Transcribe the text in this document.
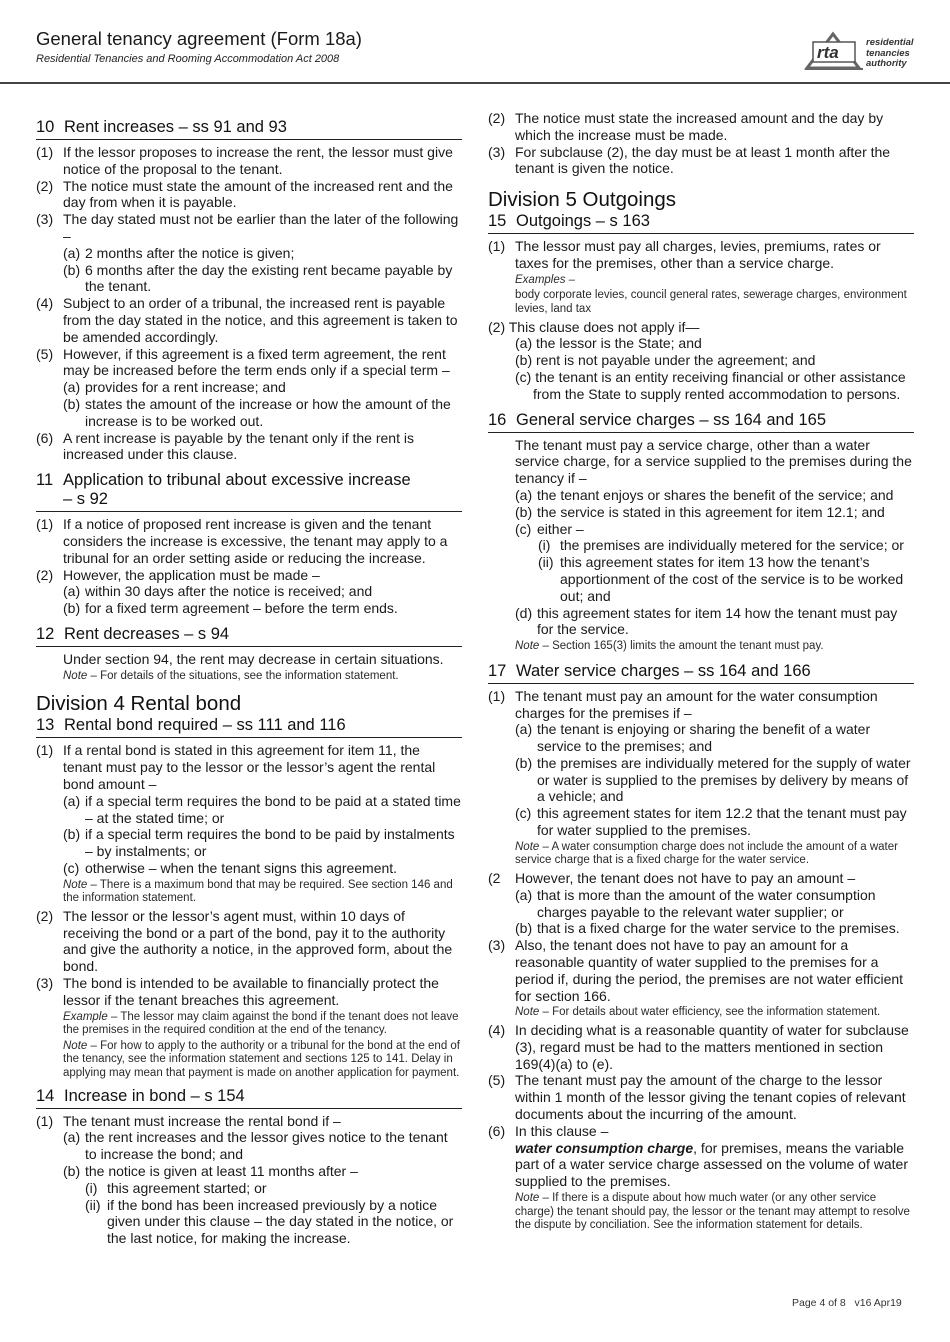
General tenancy agreement (Form 18a)
Residential Tenancies and Rooming Accommodation Act 2008	rta
residential
tenancies
authority
10 Rent increases – ss 91 and 93
(1) If the lessor proposes to increase the rent, the lessor must give notice of the proposal to the tenant.
(2) The notice must state the amount of the increased rent and the day from when it is payable.
(3) The day stated must not be earlier than the later of the following –
(a) 2 months after the notice is given;
(b) 6 months after the day the existing rent became payable by the tenant.
(4) Subject to an order of a tribunal, the increased rent is payable from the day stated in the notice, and this agreement is taken to be amended accordingly.
(5) However, if this agreement is a fixed term agreement, the rent may be increased before the term ends only if a special term –
(a) provides for a rent increase; and
(b) states the amount of the increase or how the amount of the increase is to be worked out.
(6) A rent increase is payable by the tenant only if the rent is increased under this clause.
11 Application to tribunal about excessive increase
– s 92
(1) If a notice of proposed rent increase is given and the tenant considers the increase is excessive, the tenant may apply to a tribunal for an order setting aside or reducing the increase.
(2) However, the application must be made –
(a) within 30 days after the notice is received; and
(b) for a fixed term agreement – before the term ends.
12 Rent decreases – s 94
Under section 94, the rent may decrease in certain situations.
Note – For details of the situations, see the information statement.
Division 4 Rental bond
13 Rental bond required – ss 111 and 116
(1) If a rental bond is stated in this agreement for item 11, the tenant must pay to the lessor or the lessor’s agent the rental bond amount –
(a) if a special term requires the bond to be paid at a stated time – at the stated time; or
(b) if a special term requires the bond to be paid by instalments – by instalments; or
(c) otherwise – when the tenant signs this agreement.
Note – There is a maximum bond that may be required. See section 146 and the information statement.
(2) The lessor or the lessor’s agent must, within 10 days of receiving the bond or a part of the bond, pay it to the authority and give the authority a notice, in the approved form, about the bond.
(3) The bond is intended to be available to financially protect the lessor if the tenant breaches this agreement.
Example – The lessor may claim against the bond if the tenant does not leave the premises in the required condition at the end of the tenancy.
Note – For how to apply to the authority or a tribunal for the bond at the end of the tenancy, see the information statement and sections 125 to 141. Delay in applying may mean that payment is made on another application for payment.
14 Increase in bond – s 154
(1) The tenant must increase the rental bond if –
(a) the rent increases and the lessor gives notice to the tenant to increase the bond; and
(b) the notice is given at least 11 months after –
(i) this agreement started; or
(ii) if the bond has been increased previously by a notice given under this clause – the day stated in the notice, or the last notice, for making the increase.
(2) The notice must state the increased amount and the day by which the increase must be made.
(3) For subclause (2), the day must be at least 1 month after the tenant is given the notice.
Division 5 Outgoings
15 Outgoings – s 163
(1) The lessor must pay all charges, levies, premiums, rates or taxes for the premises, other than a service charge.
Examples –
body corporate levies, council general rates, sewerage charges, environment levies, land tax
(2) This clause does not apply if—
(a) the lessor is the State; and
(b) rent is not payable under the agreement; and
(c) the tenant is an entity receiving financial or other assistance from the State to supply rented accommodation to persons.
16 General service charges – ss 164 and 165
The tenant must pay a service charge, other than a water service charge, for a service supplied to the premises during the tenancy if –
(a) the tenant enjoys or shares the benefit of the service; and
(b) the service is stated in this agreement for item 12.1; and
(c) either –
(i) the premises are individually metered for the service; or
(ii) this agreement states for item 13 how the tenant’s apportionment of the cost of the service is to be worked out; and
(d) this agreement states for item 14 how the tenant must pay for the service.
Note – Section 165(3) limits the amount the tenant must pay.
17 Water service charges – ss 164 and 166
(1) The tenant must pay an amount for the water consumption charges for the premises if –
(a) the tenant is enjoying or sharing the benefit of a water service to the premises; and
(b) the premises are individually metered for the supply of water or water is supplied to the premises by delivery by means of a vehicle; and
(c) this agreement states for item 12.2 that the tenant must pay for water supplied to the premises.
Note – A water consumption charge does not include the amount of a water service charge that is a fixed charge for the water service.
(2 However, the tenant does not have to pay an amount –
(a) that is more than the amount of the water consumption charges payable to the relevant water supplier; or
(b) that is a fixed charge for the water service to the premises.
(3) Also, the tenant does not have to pay an amount for a reasonable quantity of water supplied to the premises for a period if, during the period, the premises are not water efficient for section 166.
Note – For details about water efficiency, see the information statement.
(4) In deciding what is a reasonable quantity of water for subclause (3), regard must be had to the matters mentioned in section 169(4)(a) to (e).
(5) The tenant must pay the amount of the charge to the lessor within 1 month of the lessor giving the tenant copies of relevant documents about the incurring of the amount.
(6) In this clause –
water consumption charge, for premises, means the variable part of a water service charge assessed on the volume of water supplied to the premises.
Note – If there is a dispute about how much water (or any other service charge) the tenant should pay, the lessor or the tenant may attempt to resolve the dispute by conciliation. See the information statement for details.
Page 4 of 8 v16 Apr19
